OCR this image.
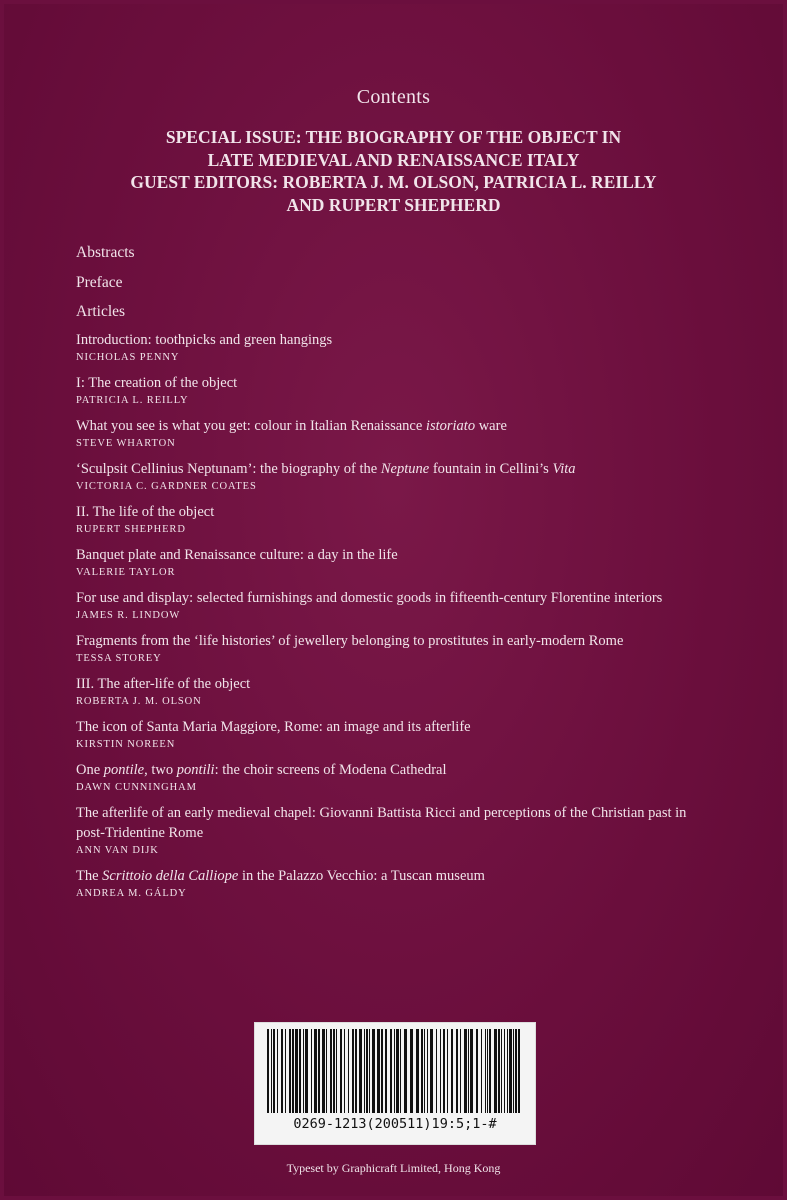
Contents
SPECIAL ISSUE: THE BIOGRAPHY OF THE OBJECT IN
LATE MEDIEVAL AND RENAISSANCE ITALY
GUEST EDITORS: ROBERTA J. M. OLSON, PATRICIA L. REILLY
AND RUPERT SHEPHERD
Abstracts
Preface
Articles
Introduction: toothpicks and green hangings
NICHOLAS PENNY
I: The creation of the object
PATRICIA L. REILLY
What you see is what you get: colour in Italian Renaissance istoriato ware
STEVE WHARTON
‘Sculpsit Cellinius Neptunam’: the biography of the Neptune fountain in Cellini’s Vita
VICTORIA C. GARDNER COATES
II. The life of the object
RUPERT SHEPHERD
Banquet plate and Renaissance culture: a day in the life
VALERIE TAYLOR
For use and display: selected furnishings and domestic goods in fifteenth-century Florentine interiors
JAMES R. LINDOW
Fragments from the ‘life histories’ of jewellery belonging to prostitutes in early-modern Rome
TESSA STOREY
III. The after-life of the object
ROBERTA J. M. OLSON
The icon of Santa Maria Maggiore, Rome: an image and its afterlife
KIRSTIN NOREEN
One pontile, two pontili: the choir screens of Modena Cathedral
DAWN CUNNINGHAM
The afterlife of an early medieval chapel: Giovanni Battista Ricci and perceptions of the Christian past in post-Tridentine Rome
ANN VAN DIJK
The Scrittoio della Calliope in the Palazzo Vecchio: a Tuscan museum
ANDREA M. GÁLDY
0269-1213(200511)19:5;1-#
Typeset by Graphicraft Limited, Hong Kong
